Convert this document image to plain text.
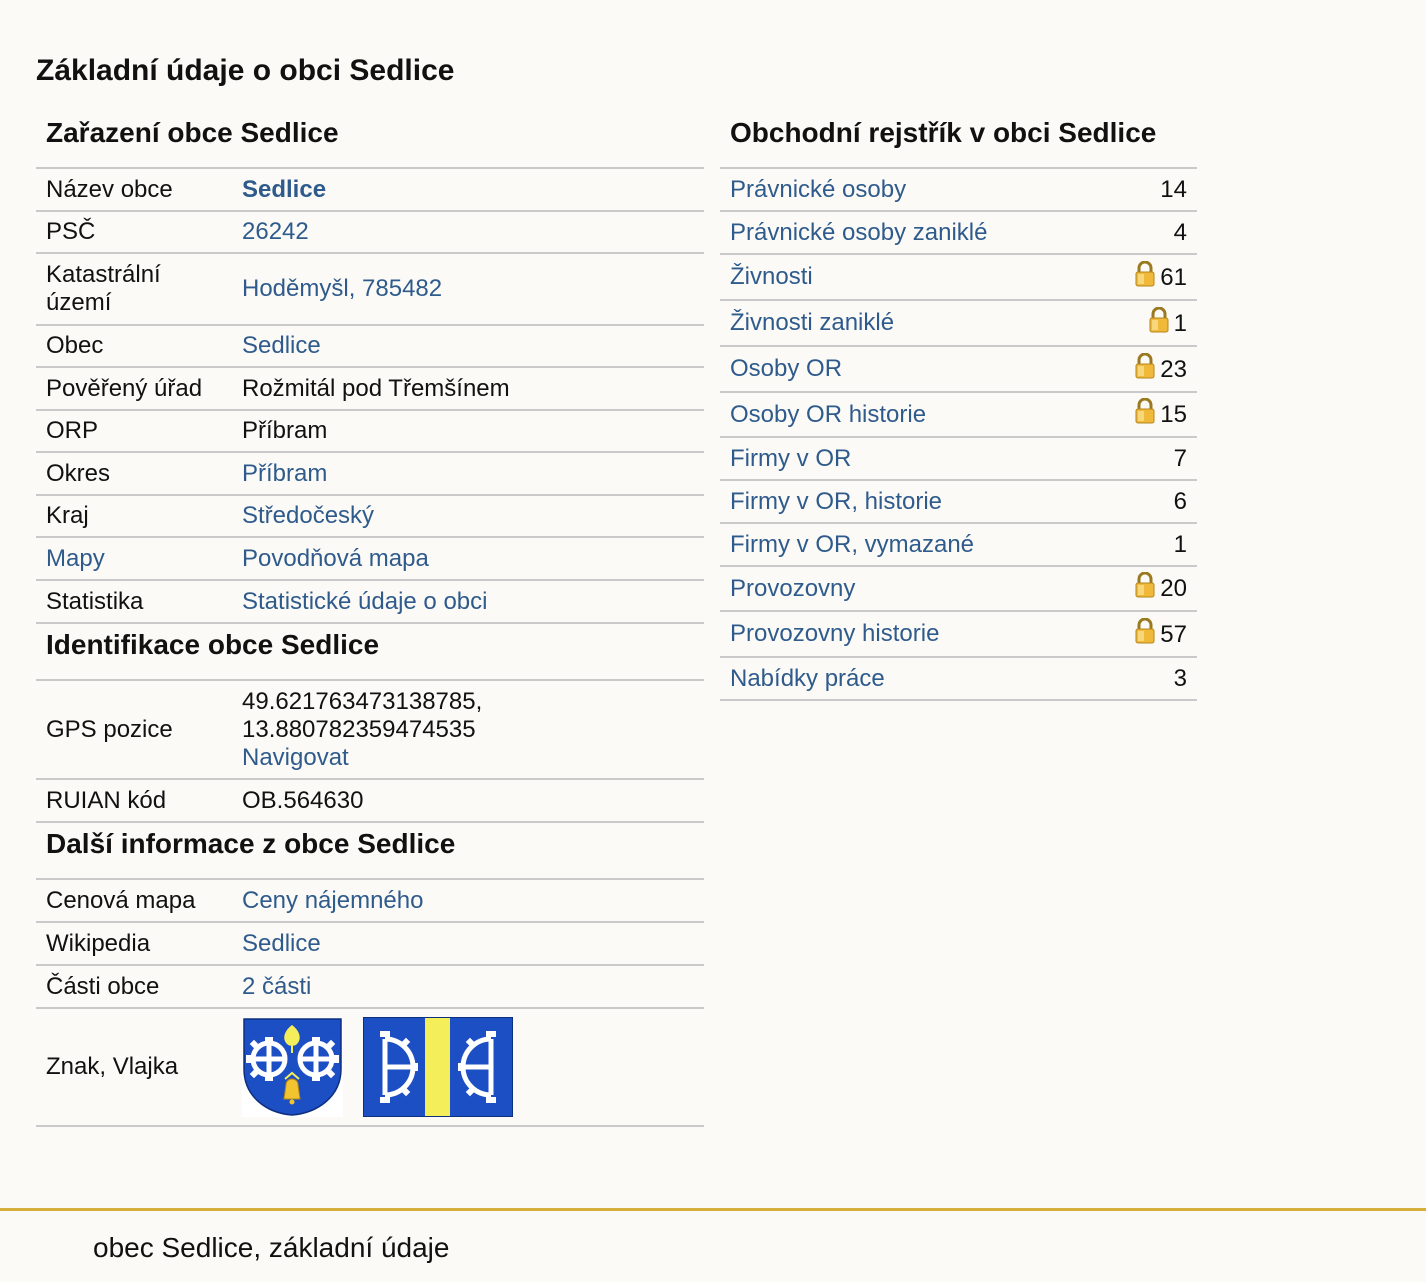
Základní údaje o obci Sedlice
Zařazení obce Sedlice
Název obce	Sedlice
PSČ	26242
Katastrální území	Hoděmyšl, 785482
Obec	Sedlice
Pověřený úřad	Rožmitál pod Třemšínem
ORP	Příbram
Okres	Příbram
Kraj	Středočeský
Mapy	Povodňová mapa
Statistika	Statistické údaje o obci
Identifikace obce Sedlice
GPS pozice	49.621763473138785,
13.880782359474535
Navigovat
RUIAN kód	OB.564630
Další informace z obce Sedlice
Cenová mapa	Ceny nájemného
Wikipedia	Sedlice
Části obce	2 části
Znak, Vlajka	
Obchodní rejstřík v obci Sedlice
Právnické osoby	14
Právnické osoby zaniklé	4
Živnosti	61
Živnosti zaniklé	1
Osoby OR	23
Osoby OR historie	15
Firmy v OR	7
Firmy v OR, historie	6
Firmy v OR, vymazané	1
Provozovny	20
Provozovny historie	57
Nabídky práce	3
obec Sedlice, základní údaje
